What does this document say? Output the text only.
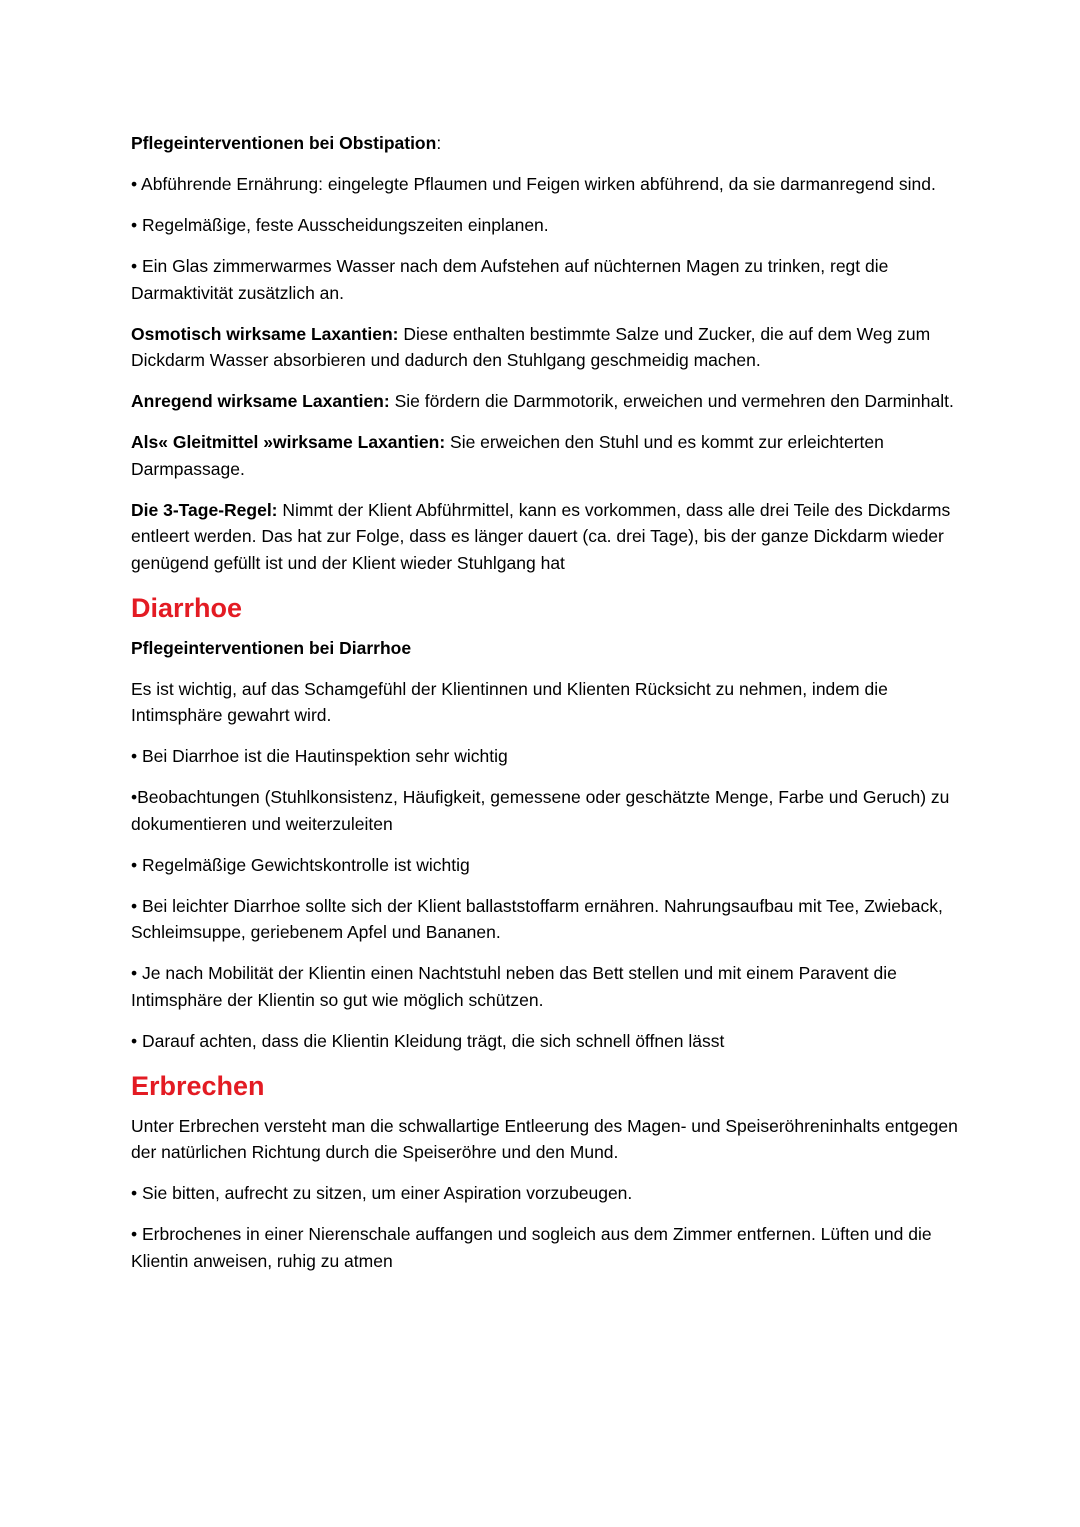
Pflegeinterventionen bei Obstipation:

• Abführende Ernährung: eingelegte Pflaumen und Feigen wirken abführend, da sie darmanregend sind.

• Regelmäßige, feste Ausscheidungszeiten einplanen.

• Ein Glas zimmerwarmes Wasser nach dem Aufstehen auf nüchternen Magen zu trinken, regt die Darmaktivität zusätzlich an.

Osmotisch wirksame Laxantien: Diese enthalten bestimmte Salze und Zucker, die auf dem Weg zum Dickdarm Wasser absorbieren und dadurch den Stuhlgang geschmeidig machen.

Anregend wirksame Laxantien: Sie fördern die Darmmotorik, erweichen und vermehren den Darminhalt.

Als« Gleitmittel »wirksame Laxantien: Sie erweichen den Stuhl und es kommt zur erleichterten Darmpassage.

Die 3-Tage-Regel: Nimmt der Klient Abführmittel, kann es vorkommen, dass alle drei Teile des Dickdarms entleert werden. Das hat zur Folge, dass es länger dauert (ca. drei Tage), bis der ganze Dickdarm wieder genügend gefüllt ist und der Klient wieder Stuhlgang hat

Diarrhoe

Pflegeinterventionen bei Diarrhoe

Es ist wichtig, auf das Schamgefühl der Klientinnen und Klienten Rücksicht zu nehmen, indem die Intimsphäre gewahrt wird.

• Bei Diarrhoe ist die Hautinspektion sehr wichtig

•Beobachtungen (Stuhlkonsistenz, Häufigkeit, gemessene oder geschätzte Menge, Farbe und Geruch) zu dokumentieren und weiterzuleiten

• Regelmäßige Gewichtskontrolle ist wichtig

• Bei leichter Diarrhoe sollte sich der Klient ballaststoffarm ernähren. Nahrungsaufbau mit Tee, Zwieback, Schleimsuppe, geriebenem Apfel und Bananen.

• Je nach Mobilität der Klientin einen Nachtstuhl neben das Bett stellen und mit einem Paravent die Intimsphäre der Klientin so gut wie möglich schützen.

• Darauf achten, dass die Klientin Kleidung trägt, die sich schnell öffnen lässt

Erbrechen

Unter Erbrechen versteht man die schwallartige Entleerung des Magen- und Speiseröhreninhalts entgegen der natürlichen Richtung durch die Speiseröhre und den Mund.

• Sie bitten, aufrecht zu sitzen, um einer Aspiration vorzubeugen.

• Erbrochenes in einer Nierenschale auffangen und sogleich aus dem Zimmer entfernen. Lüften und die Klientin anweisen, ruhig zu atmen
